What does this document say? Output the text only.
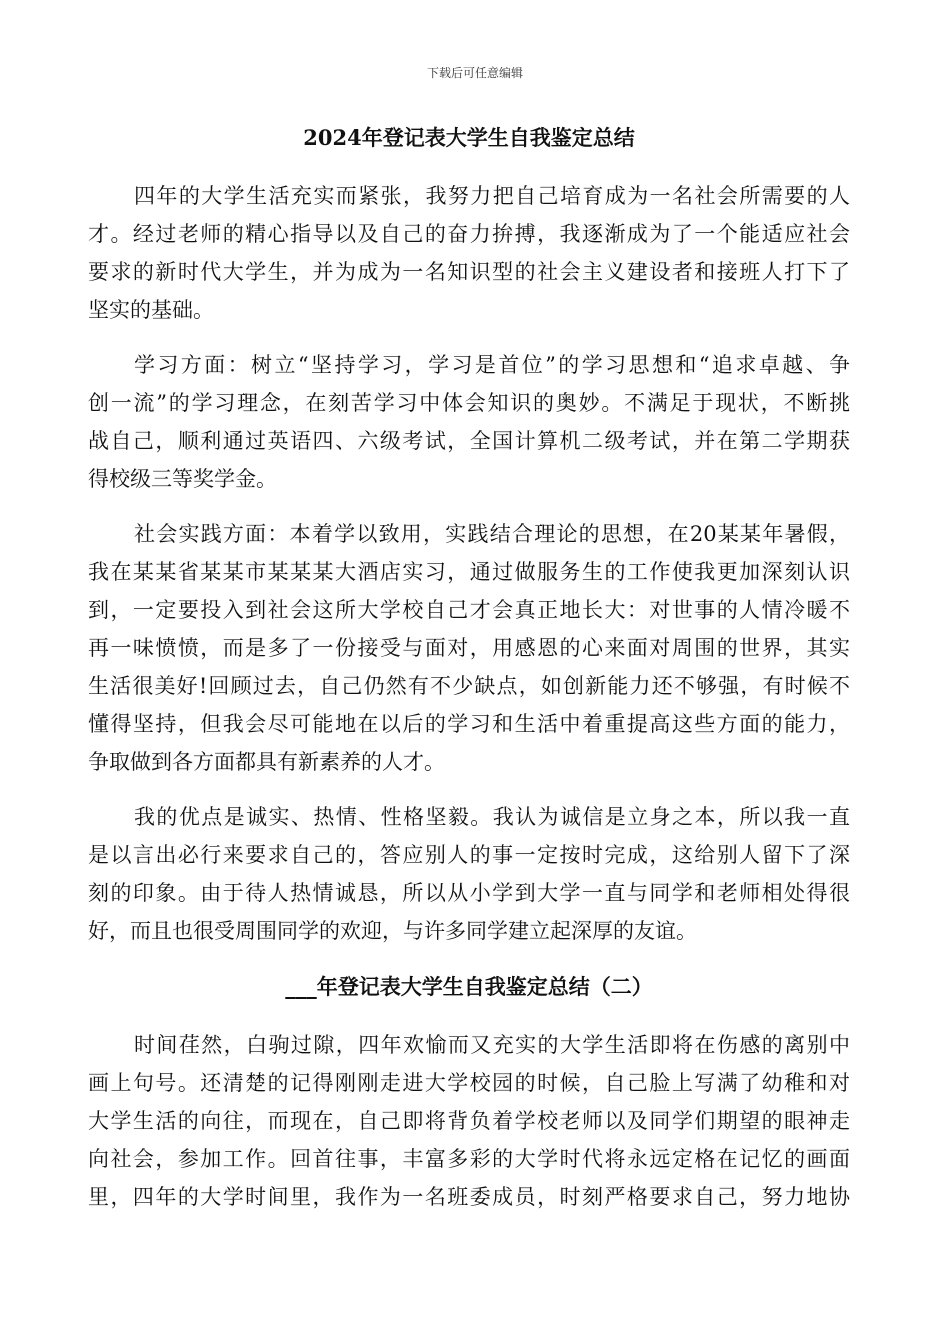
下载后可任意编辑
2024年登记表大学生自我鉴定总结
四年的大学生活充实而紧张，我努力把自己培育成为一名社会所需要的人
才。经过老师的精心指导以及自己的奋力拚搏，我逐渐成为了一个能适应社会
要求的新时代大学生，并为成为一名知识型的社会主义建设者和接班人打下了
坚实的基础。
学习方面：树立“坚持学习，学习是首位”的学习思想和“追求卓越、争
创一流”的学习理念，在刻苦学习中体会知识的奥妙。不满足于现状，不断挑
战自己，顺利通过英语四、六级考试，全国计算机二级考试，并在第二学期获
得校级三等奖学金。
社会实践方面：本着学以致用，实践结合理论的思想，在20某某年暑假，
我在某某省某某市某某某大酒店实习，通过做服务生的工作使我更加深刻认识
到，一定要投入到社会这所大学校自己才会真正地长大：对世事的人情冷暖不
再一味愤愤，而是多了一份接受与面对，用感恩的心来面对周围的世界，其实
生活很美好!回顾过去，自己仍然有不少缺点，如创新能力还不够强，有时候不
懂得坚持，但我会尽可能地在以后的学习和生活中着重提高这些方面的能力，
争取做到各方面都具有新素养的人才。
我的优点是诚实、热情、性格坚毅。我认为诚信是立身之本，所以我一直
是以言出必行来要求自己的，答应别人的事一定按时完成，这给别人留下了深
刻的印象。由于待人热情诚恳，所以从小学到大学一直与同学和老师相处得很
好，而且也很受周围同学的欢迎，与许多同学建立起深厚的友谊。
___年登记表大学生自我鉴定总结（二）
时间荏然，白驹过隙，四年欢愉而又充实的大学生活即将在伤感的离别中
画上句号。还清楚的记得刚刚走进大学校园的时候，自己脸上写满了幼稚和对
大学生活的向往，而现在，自己即将背负着学校老师以及同学们期望的眼神走
向社会，参加工作。回首往事，丰富多彩的大学时代将永远定格在记忆的画面
里，四年的大学时间里，我作为一名班委成员，时刻严格要求自己，努力地协
